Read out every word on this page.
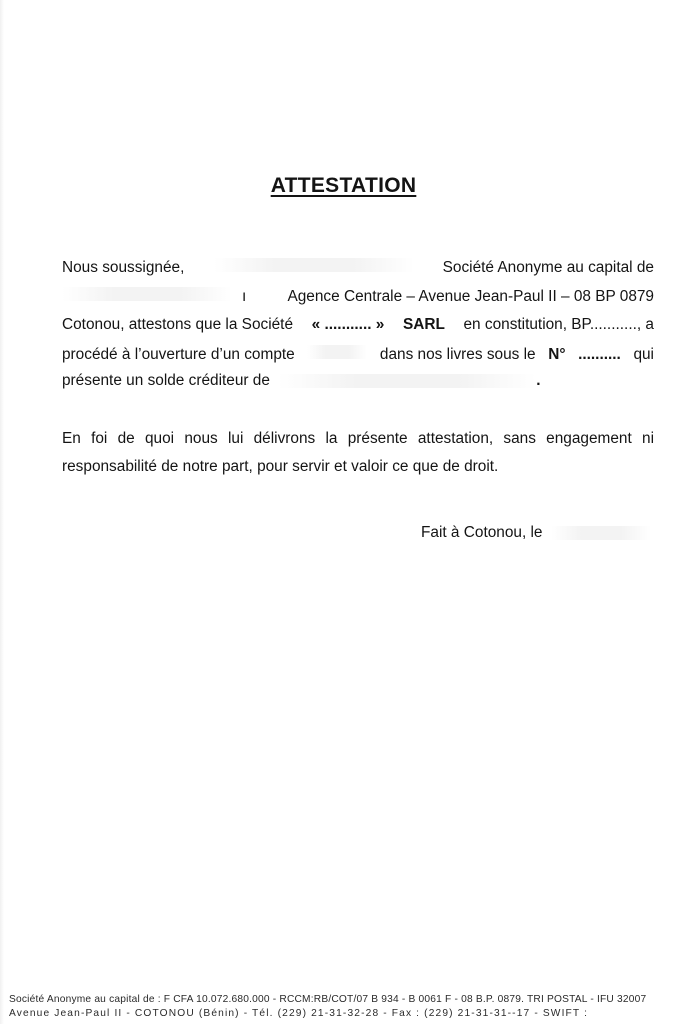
ATTESTATION
Nous soussignée,	Société Anonyme au capital de
ı	Agence Centrale – Avenue Jean-Paul II – 08 BP 0879
Cotonou, attestons que la Société « ........... » SARL en constitution, BP..........., a
procédé à l’ouverture d’un compte	dans nos livres sous le N° .......... qui
présente un solde créditeur de	.
En foi de quoi nous lui délivrons la présente attestation, sans engagement ni
responsabilité de notre part, pour servir et valoir ce que de droit.
Fait à Cotonou, le
Société Anonyme au capital de : F CFA 10.072.680.000 - RCCM:RB/COT/07 B 934 - B 0061 F - 08 B.P. 0879. TRI POSTAL - IFU 32007
Avenue Jean-Paul II - COTONOU (Bénin) - Tél. (229) 21-31-32-28 - Fax : (229) 21-31-31--17 - SWIFT :
